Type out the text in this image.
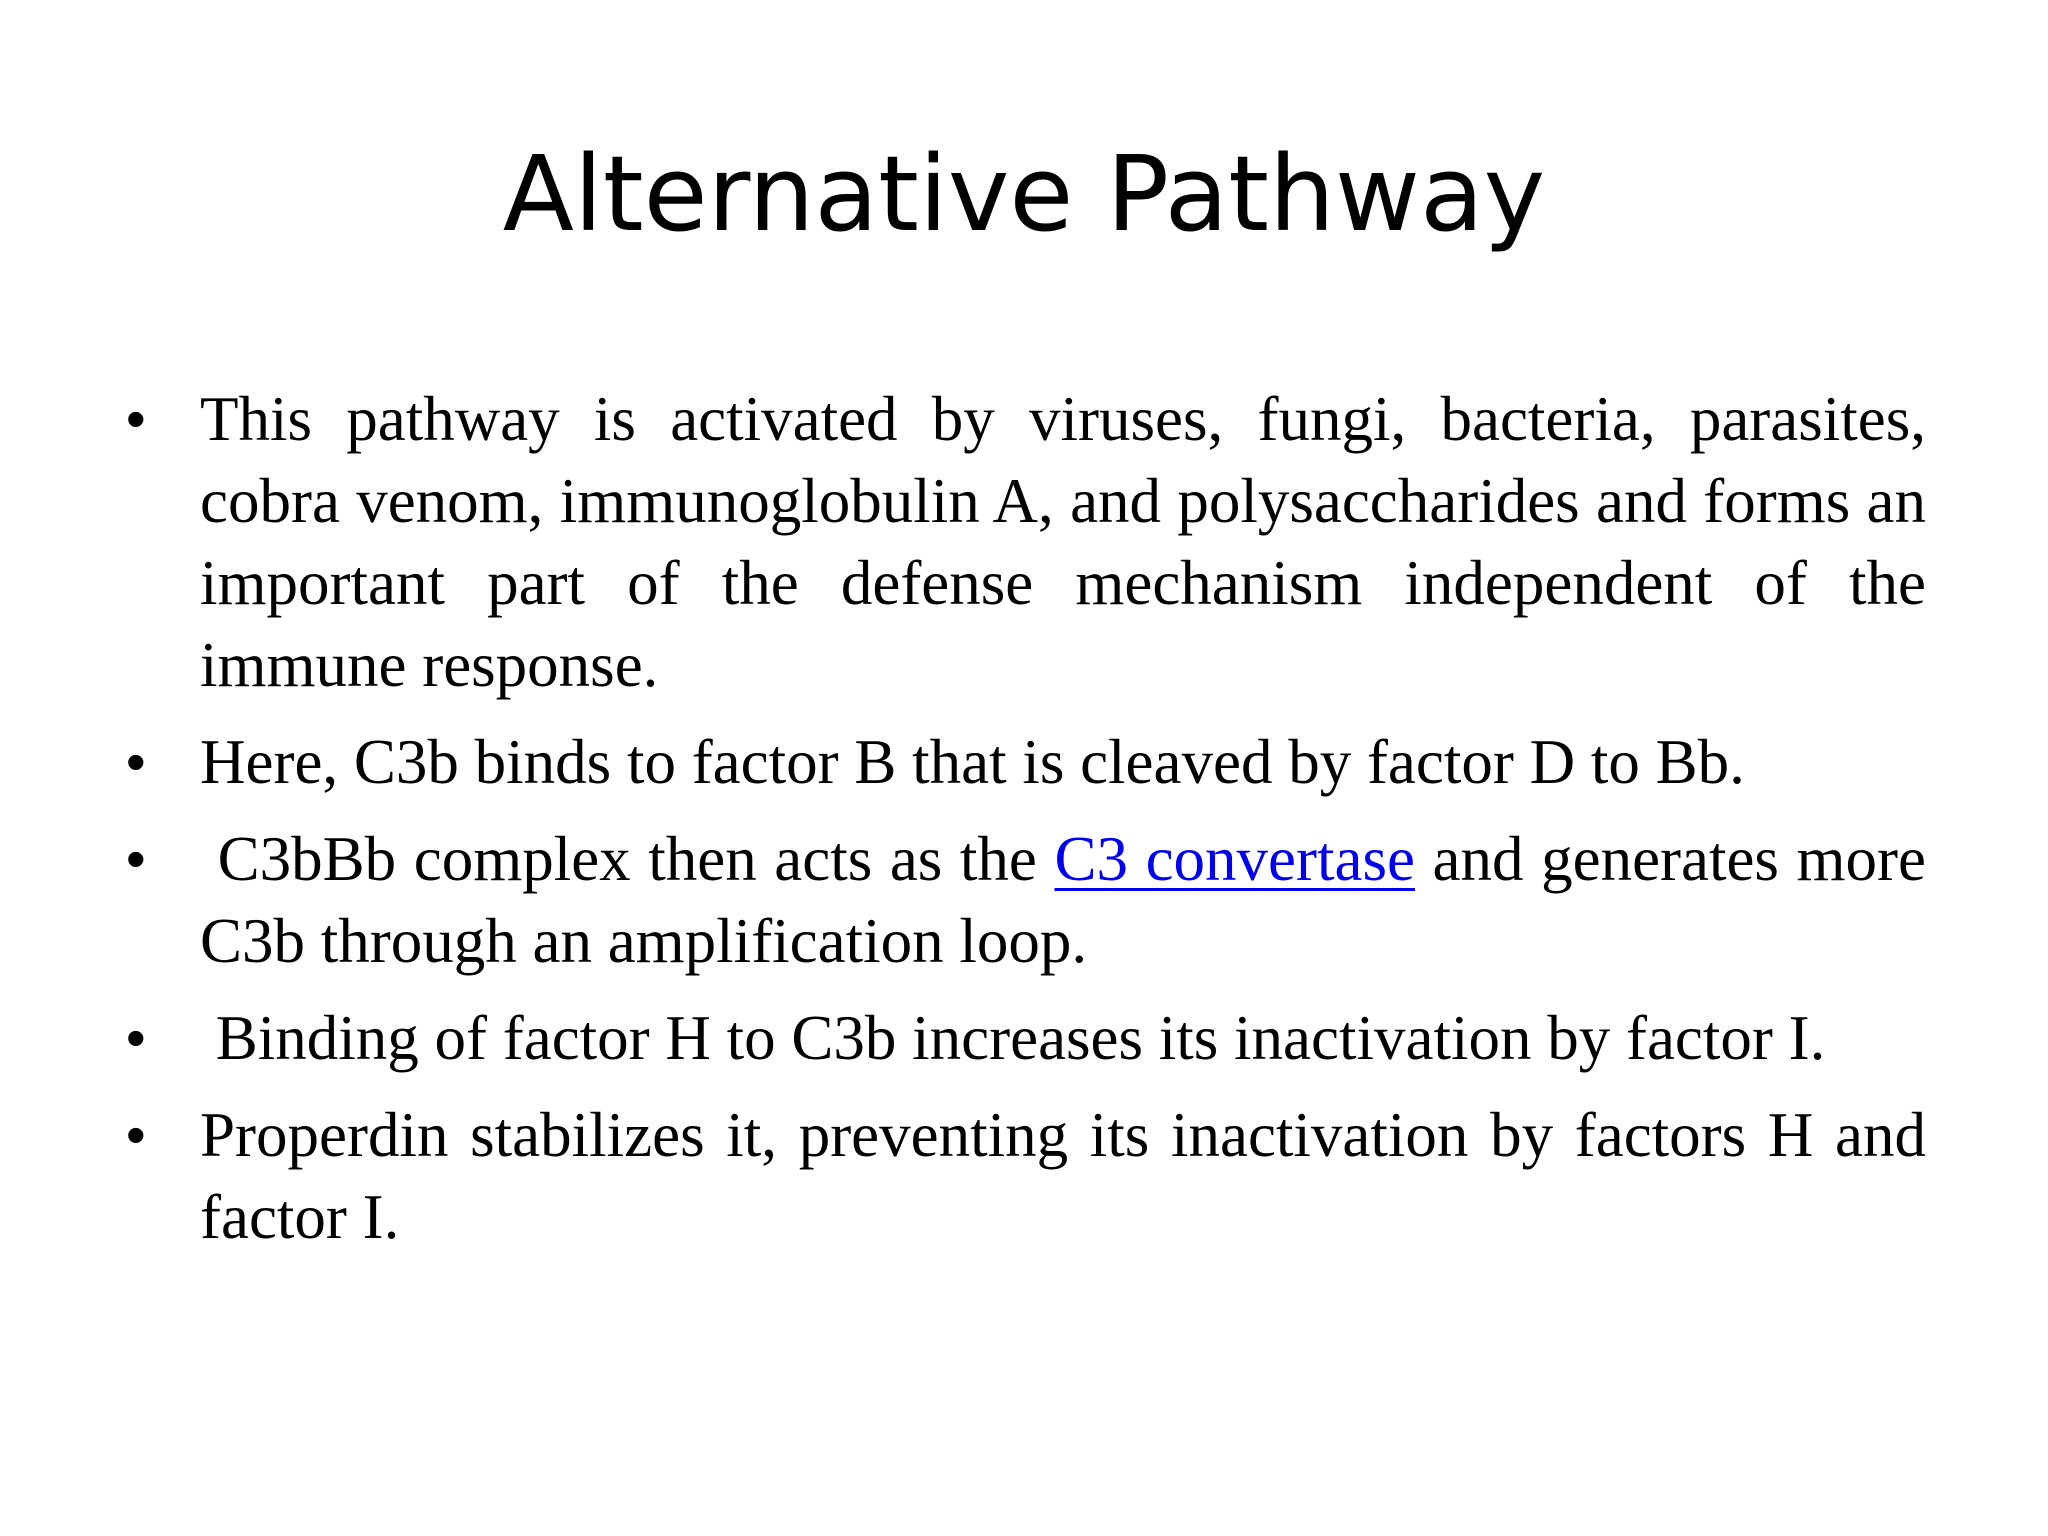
Alternative Pathway
• This pathway is activated by viruses, fungi, bacteria, parasites, cobra venom, immunoglobulin A, and polysaccharides and forms an important part of the defense mechanism independent of the immune response.
• Here, C3b binds to factor B that is cleaved by factor D to Bb.
• C3bBb complex then acts as the C3 convertase and generates more C3b through an amplification loop.
• Binding of factor H to C3b increases its inactivation by factor I.
• Properdin stabilizes it, preventing its inactivation by factors H and factor I.
